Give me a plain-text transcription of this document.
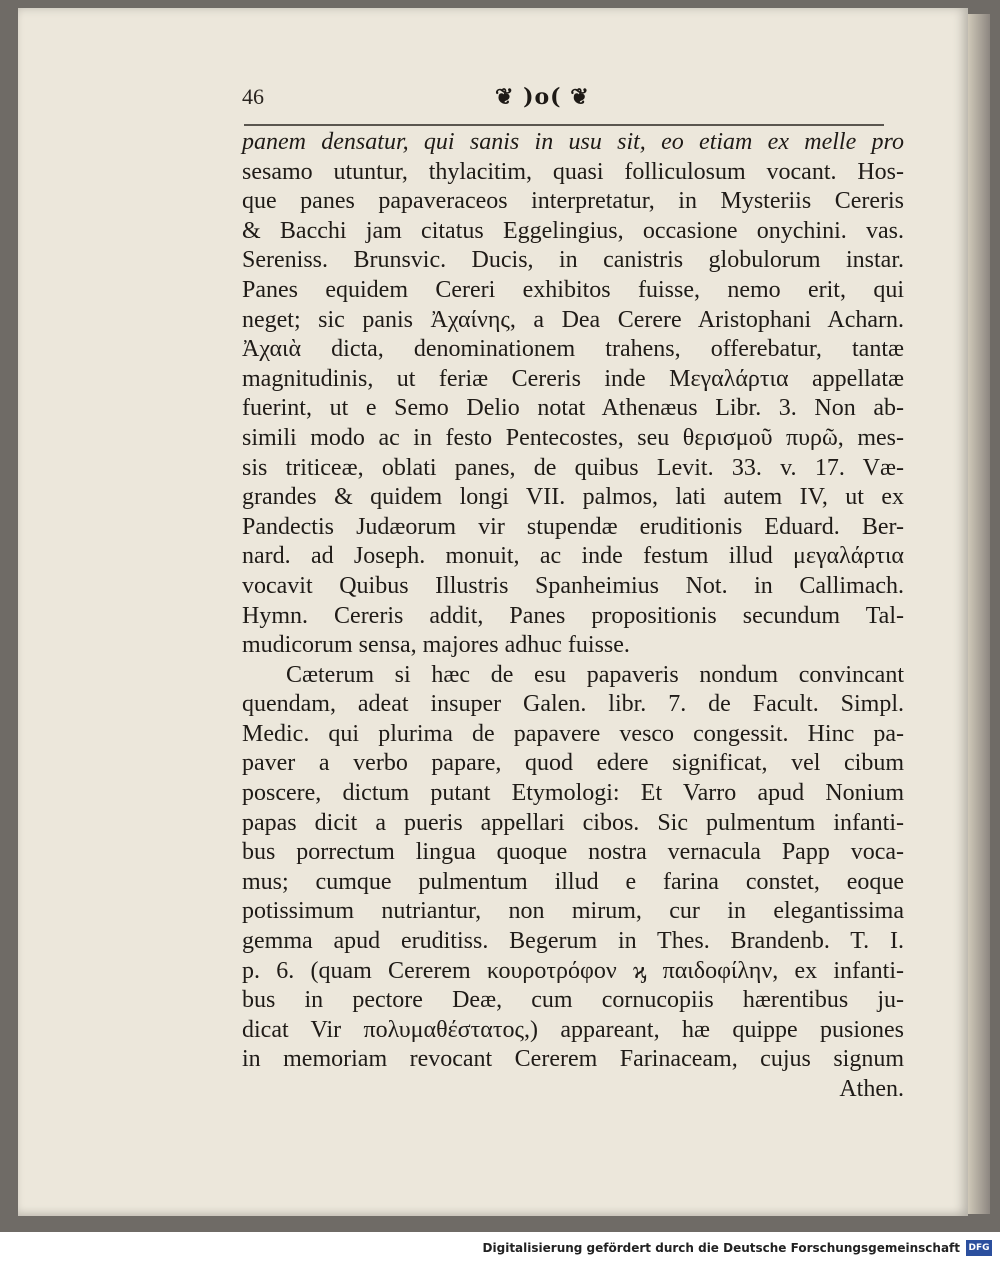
46	❦ )o( ❦
panem densatur, qui sanis in usu sit, eo etiam ex melle pro
sesamo utuntur, thylacitim, quasi folliculosum vocant. Hos-
que panes papaveraceos interpretatur, in Mysteriis Cereris
& Bacchi jam citatus Eggelingius, occasione onychini. vas.
Sereniss. Brunsvic. Ducis, in canistris globulorum instar.
Panes equidem Cereri exhibitos fuisse, nemo erit, qui
neget; sic panis Ἀχαίνης, a Dea Cerere Aristophani Acharn.
Ἀχαιὰ dicta, denominationem trahens, offerebatur, tantæ
magnitudinis, ut feriæ Cereris inde Μεγαλάρτια appellatæ
fuerint, ut e Semo Delio notat Athenæus Libr. 3. Non ab-
simili modo ac in festo Pentecostes, seu θερισμοῦ πυρῶ, mes-
sis triticeæ, oblati panes, de quibus Levit. 33. v. 17. Væ-
grandes & quidem longi VII. palmos, lati autem IV, ut ex
Pandectis Judæorum vir stupendæ eruditionis Eduard. Ber-
nard. ad Joseph. monuit, ac inde festum illud μεγαλάρτια
vocavit Quibus Illustris Spanheimius Not. in Callimach.
Hymn. Cereris addit, Panes propositionis secundum Tal-
mudicorum sensa, majores adhuc fuisse.
Cæterum si hæc de esu papaveris nondum convincant
quendam, adeat insuper Galen. libr. 7. de Facult. Simpl.
Medic. qui plurima de papavere vesco congessit. Hinc pa-
paver a verbo papare, quod edere significat, vel cibum
poscere, dictum putant Etymologi: Et Varro apud Nonium
papas dicit a pueris appellari cibos. Sic pulmentum infanti-
bus porrectum lingua quoque nostra vernacula Papp voca-
mus; cumque pulmentum illud e farina constet, eoque
potissimum nutriantur, non mirum, cur in elegantissima
gemma apud eruditiss. Begerum in Thes. Brandenb. T. I.
p. 6. (quam Cererem κουροτρόφον ϗ παιδοφίλην, ex infanti-
bus in pectore Deæ, cum cornucopiis hærentibus ju-
dicat Vir πολυμαθέστατος,) appareant, hæ quippe pusiones
in memoriam revocant Cererem Farinaceam, cujus signum
Athen.
Digitalisierung gefördert durch die Deutsche Forschungsgemeinschaft DFG
